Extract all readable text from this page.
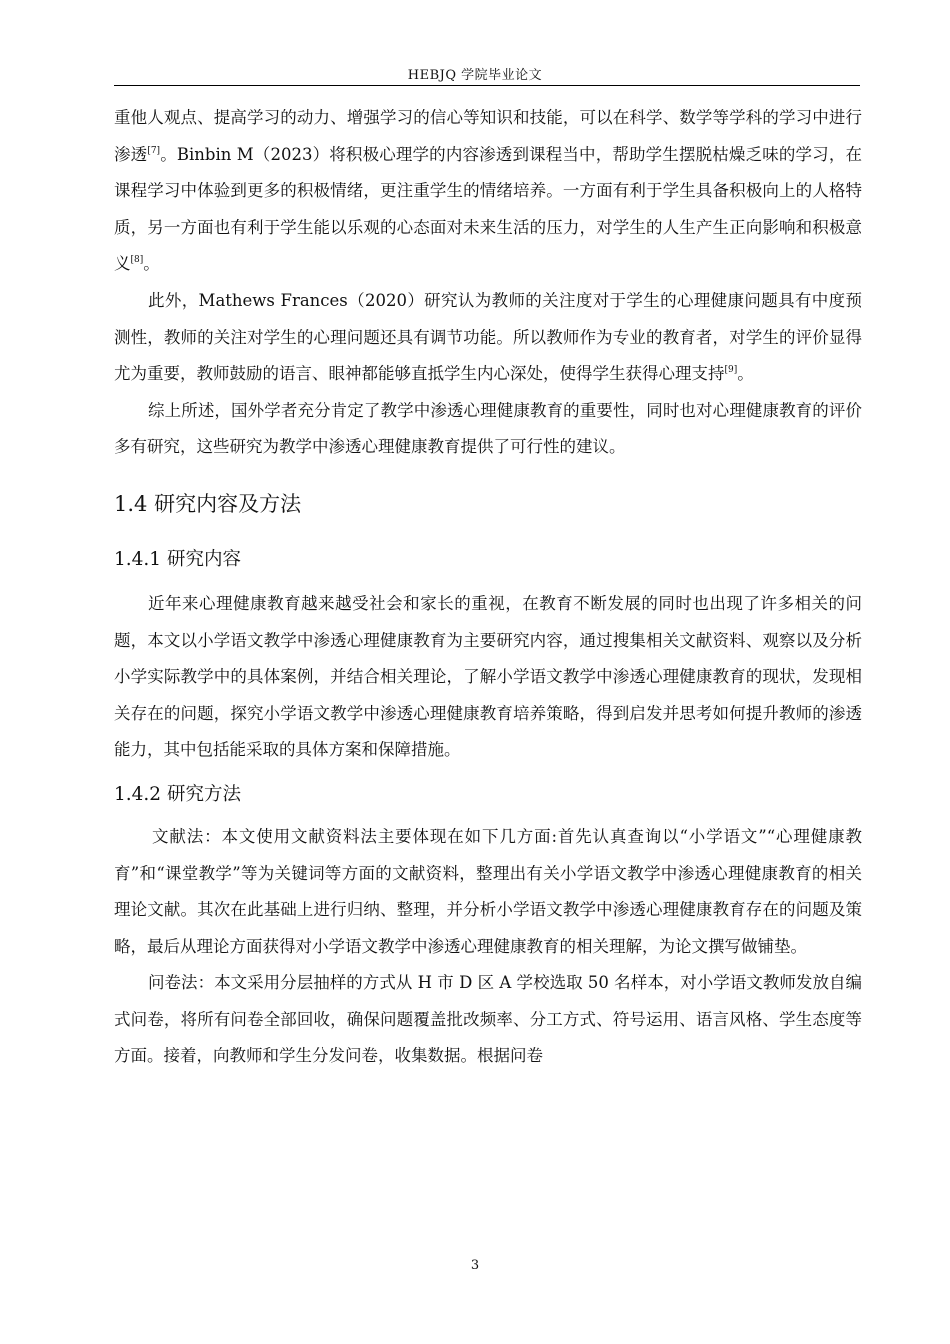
HEBJQ 学院毕业论文

重他人观点、提高学习的动力、增强学习的信心等知识和技能，可以在科学、数学等学科的学习中进行渗透[7]。Binbin M（2023）将积极心理学的内容渗透到课程当中，帮助学生摆脱枯燥乏味的学习，在课程学习中体验到更多的积极情绪，更注重学生的情绪培养。一方面有利于学生具备积极向上的人格特质，另一方面也有利于学生能以乐观的心态面对未来生活的压力，对学生的人生产生正向影响和积极意义[8]。

此外，Mathews Frances（2020）研究认为教师的关注度对于学生的心理健康问题具有中度预测性，教师的关注对学生的心理问题还具有调节功能。所以教师作为专业的教育者，对学生的评价显得尤为重要，教师鼓励的语言、眼神都能够直抵学生内心深处，使得学生获得心理支持[9]。

综上所述，国外学者充分肯定了教学中渗透心理健康教育的重要性，同时也对心理健康教育的评价多有研究，这些研究为教学中渗透心理健康教育提供了可行性的建议。

1.4 研究内容及方法
1.4.1 研究内容

近年来心理健康教育越来越受社会和家长的重视，在教育不断发展的同时也出现了许多相关的问题，本文以小学语文教学中渗透心理健康教育为主要研究内容，通过搜集相关文献资料、观察以及分析小学实际教学中的具体案例，并结合相关理论，了解小学语文教学中渗透心理健康教育的现状，发现相关存在的问题，探究小学语文教学中渗透心理健康教育培养策略，得到启发并思考如何提升教师的渗透能力，其中包括能采取的具体方案和保障措施。

1.4.2 研究方法

文献法：本文使用文献资料法主要体现在如下几方面:首先认真查询以“小学语文”“心理健康教育”和“课堂教学”等为关键词等方面的文献资料，整理出有关小学语文教学中渗透心理健康教育的相关理论文献。其次在此基础上进行归纳、整理，并分析小学语文教学中渗透心理健康教育存在的问题及策略，最后从理论方面获得对小学语文教学中渗透心理健康教育的相关理解，为论文撰写做铺垫。

问卷法：本文采用分层抽样的方式从 H 市 D 区 A 学校选取 50 名样本，对小学语文教师发放自编式问卷，将所有问卷全部回收，确保问题覆盖批改频率、分工方式、符号运用、语言风格、学生态度等方面。接着，向教师和学生分发问卷，收集数据。根据问卷

3
